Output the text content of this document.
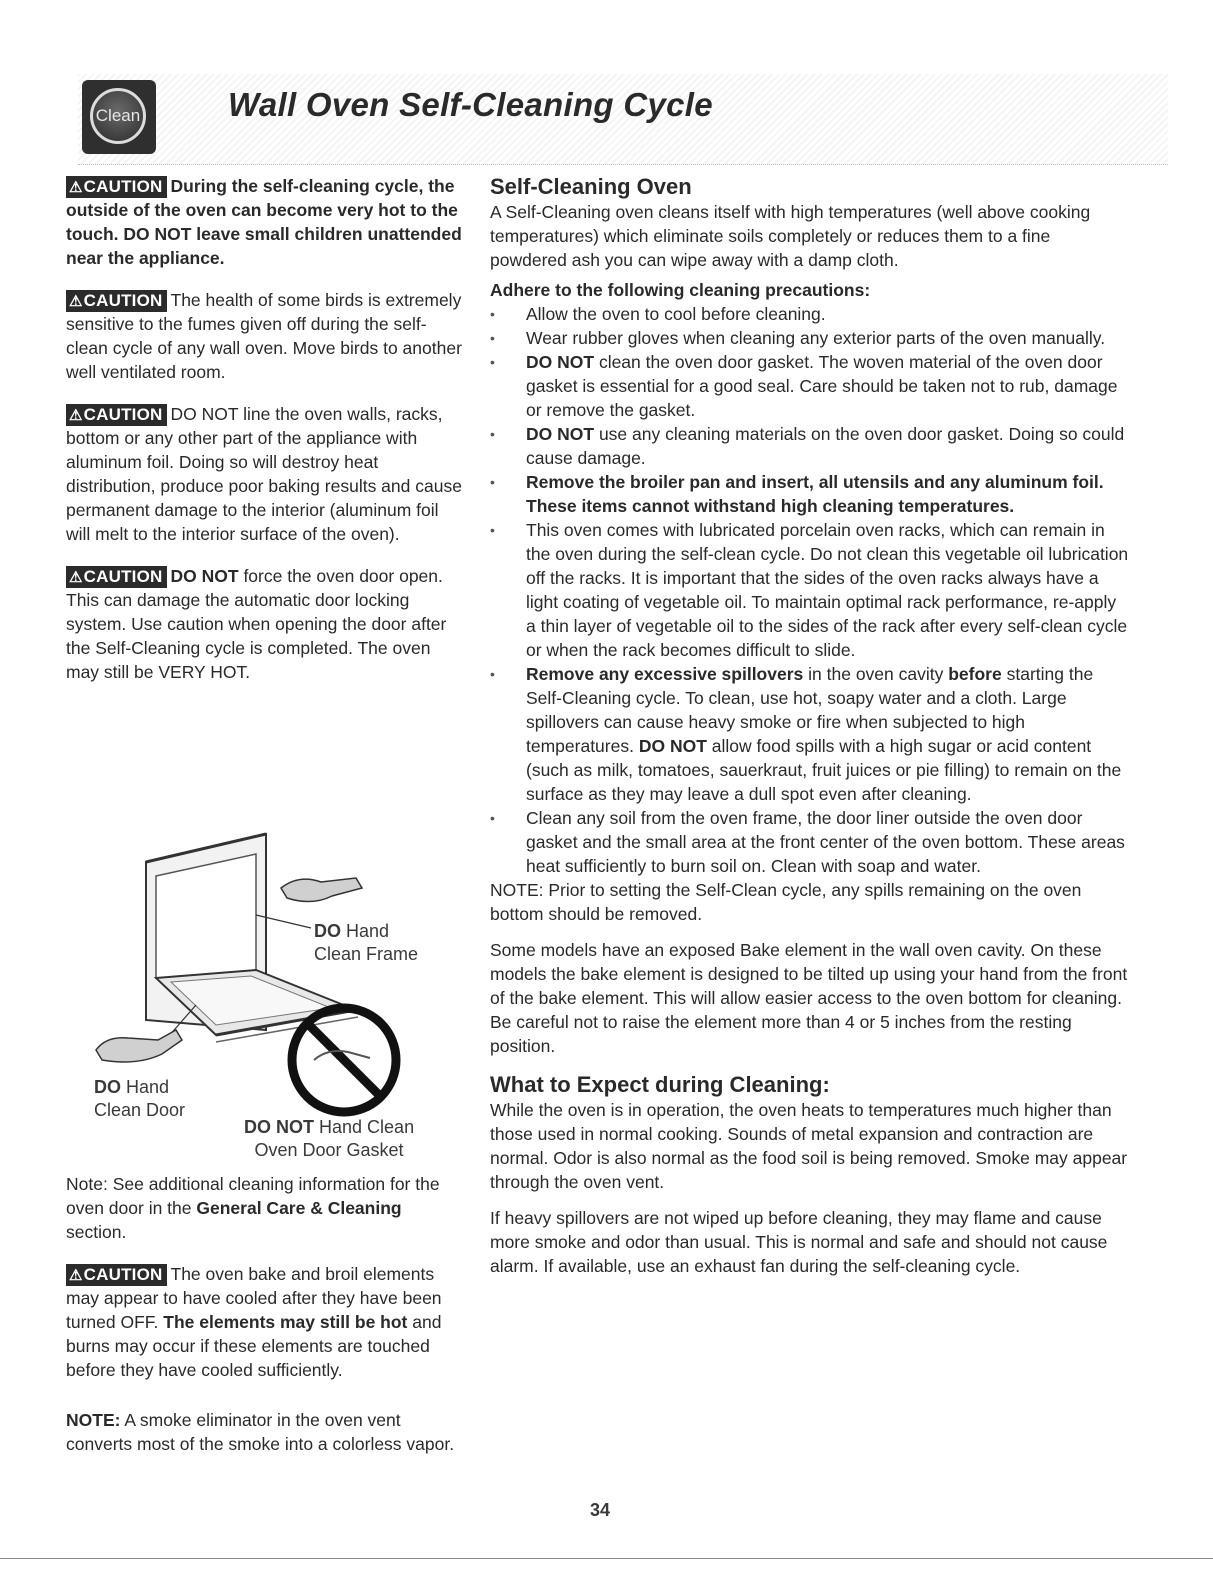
Clean	Wall Oven Self-Cleaning Cycle

⚠CAUTION During the self-cleaning cycle, the outside of the oven can become very hot to the touch. DO NOT leave small children unattended near the appliance.

⚠CAUTION The health of some birds is extremely sensitive to the fumes given off during the self-clean cycle of any wall oven. Move birds to another well ventilated room.

⚠CAUTION DO NOT line the oven walls, racks, bottom or any other part of the appliance with aluminum foil. Doing so will destroy heat distribution, produce poor baking results and cause permanent damage to the interior (aluminum foil will melt to the interior surface of the oven).

⚠CAUTION DO NOT force the oven door open. This can damage the automatic door locking system. Use caution when opening the door after the Self-Cleaning cycle is completed. The oven may still be VERY HOT.

DO Hand
Clean Frame
DO Hand
Clean Door
DO NOT Hand Clean
Oven Door Gasket

Note: See additional cleaning information for the oven door in the General Care & Cleaning section.

⚠CAUTION The oven bake and broil elements may appear to have cooled after they have been turned OFF. The elements may still be hot and burns may occur if these elements are touched before they have cooled sufficiently.

NOTE: A smoke eliminator in the oven vent converts most of the smoke into a colorless vapor.

Self-Cleaning Oven

A Self-Cleaning oven cleans itself with high temperatures (well above cooking temperatures) which eliminate soils completely or reduces them to a fine powdered ash you can wipe away with a damp cloth.

Adhere to the following cleaning precautions:

• Allow the oven to cool before cleaning.
• Wear rubber gloves when cleaning any exterior parts of the oven manually.
• DO NOT clean the oven door gasket. The woven material of the oven door gasket is essential for a good seal. Care should be taken not to rub, damage or remove the gasket.
• DO NOT use any cleaning materials on the oven door gasket. Doing so could cause damage.
• Remove the broiler pan and insert, all utensils and any aluminum foil. These items cannot withstand high cleaning temperatures.
• This oven comes with lubricated porcelain oven racks, which can remain in the oven during the self-clean cycle. Do not clean this vegetable oil lubrication off the racks. It is important that the sides of the oven racks always have a light coating of vegetable oil. To maintain optimal rack performance, re-apply a thin layer of vegetable oil to the sides of the rack after every self-clean cycle or when the rack becomes difficult to slide.
• Remove any excessive spillovers in the oven cavity before starting the Self-Cleaning cycle. To clean, use hot, soapy water and a cloth. Large spillovers can cause heavy smoke or fire when subjected to high temperatures. DO NOT allow food spills with a high sugar or acid content (such as milk, tomatoes, sauerkraut, fruit juices or pie filling) to remain on the surface as they may leave a dull spot even after cleaning.
• Clean any soil from the oven frame, the door liner outside the oven door gasket and the small area at the front center of the oven bottom. These areas heat sufficiently to burn soil on. Clean with soap and water.

NOTE: Prior to setting the Self-Clean cycle, any spills remaining on the oven bottom should be removed.

Some models have an exposed Bake element in the wall oven cavity. On these models the bake element is designed to be tilted up using your hand from the front of the bake element. This will allow easier access to the oven bottom for cleaning. Be careful not to raise the element more than 4 or 5 inches from the resting position.

What to Expect during Cleaning:

While the oven is in operation, the oven heats to temperatures much higher than those used in normal cooking. Sounds of metal expansion and contraction are normal. Odor is also normal as the food soil is being removed. Smoke may appear through the oven vent.

If heavy spillovers are not wiped up before cleaning, they may flame and cause more smoke and odor than usual. This is normal and safe and should not cause alarm. If available, use an exhaust fan during the self-cleaning cycle.

34
